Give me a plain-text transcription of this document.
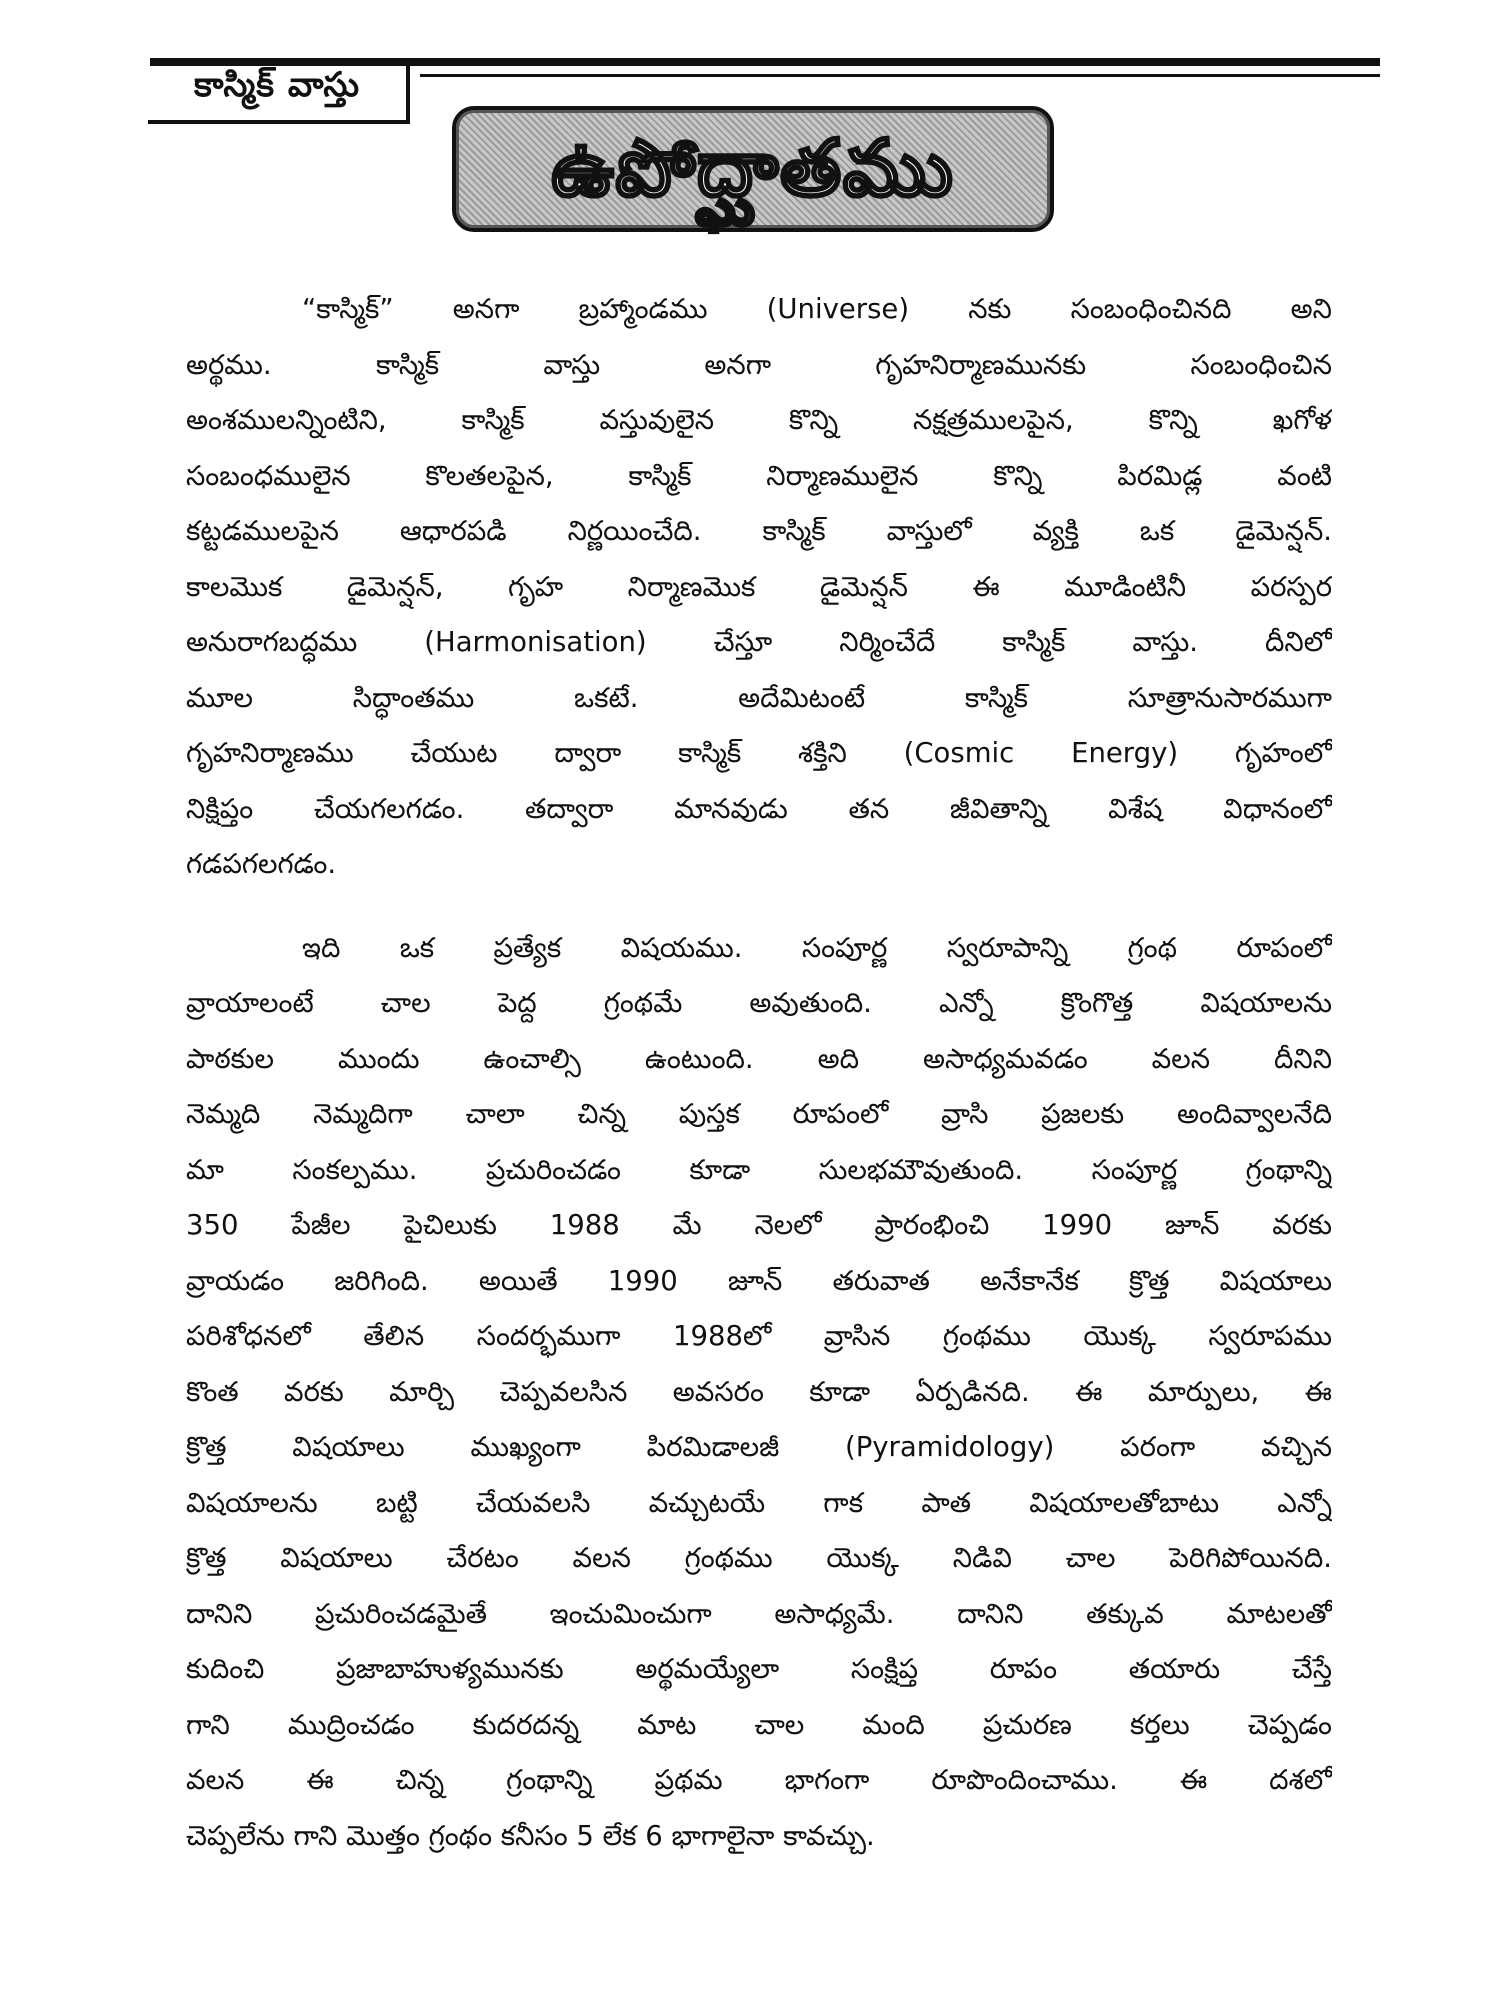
కాస్మిక్ వాస్తు
ఉపోద్ఘాతము
“కాస్మిక్” అనగా బ్రహ్మాండము (Universe) నకు సంబంధించినది అని
అర్థము. కాస్మిక్ వాస్తు అనగా గృహనిర్మాణమునకు సంబంధించిన
అంశములన్నింటిని, కాస్మిక్ వస్తువులైన కొన్ని నక్షత్రములపైన, కొన్ని ఖగోళ
సంబంధములైన కొలతలపైన, కాస్మిక్ నిర్మాణములైన కొన్ని పిరమిడ్ల వంటి
కట్టడములపైన ఆధారపడి నిర్ణయించేది. కాస్మిక్ వాస్తులో వ్యక్తి ఒక డైమెన్షన్.
కాలమొక డైమెన్షన్, గృహ నిర్మాణమొక డైమెన్షన్ ఈ మూడింటినీ పరస్పర
అనురాగబద్ధము (Harmonisation) చేస్తూ నిర్మించేదే కాస్మిక్ వాస్తు. దీనిలో
మూల సిద్ధాంతము ఒకటే. అదేమిటంటే కాస్మిక్ సూత్రానుసారముగా
గృహనిర్మాణము చేయుట ద్వారా కాస్మిక్ శక్తిని (Cosmic Energy) గృహంలో
నిక్షిప్తం చేయగలగడం. తద్వారా మానవుడు తన జీవితాన్ని విశేష విధానంలో
గడపగలగడం.
ఇది ఒక ప్రత్యేక విషయము. సంపూర్ణ స్వరూపాన్ని గ్రంథ రూపంలో
వ్రాయాలంటే చాల పెద్ద గ్రంథమే అవుతుంది. ఎన్నో క్రొంగొత్త విషయాలను
పాఠకుల ముందు ఉంచాల్సి ఉంటుంది. అది అసాధ్యమవడం వలన దీనిని
నెమ్మది నెమ్మదిగా చాలా చిన్న పుస్తక రూపంలో వ్రాసి ప్రజలకు అందివ్వాలనేది
మా సంకల్పము. ప్రచురించడం కూడా సులభమౌవుతుంది. సంపూర్ణ గ్రంథాన్ని
350 పేజీల పైచిలుకు 1988 మే నెలలో ప్రారంభించి 1990 జూన్ వరకు
వ్రాయడం జరిగింది. అయితే 1990 జూన్ తరువాత అనేకానేక క్రొత్త విషయాలు
పరిశోధనలో తేలిన సందర్భముగా 1988లో వ్రాసిన గ్రంథము యొక్క స్వరూపము
కొంత వరకు మార్చి చెప్పవలసిన అవసరం కూడా ఏర్పడినది. ఈ మార్పులు, ఈ
క్రొత్త విషయాలు ముఖ్యంగా పిరమిడాలజీ (Pyramidology) పరంగా వచ్చిన
విషయాలను బట్టి చేయవలసి వచ్చుటయే గాక పాత విషయాలతోబాటు ఎన్నో
క్రొత్త విషయాలు చేరటం వలన గ్రంథము యొక్క నిడివి చాల పెరిగిపోయినది.
దానిని ప్రచురించడమైతే ఇంచుమించుగా అసాధ్యమే. దానిని తక్కువ మాటలతో
కుదించి ప్రజాబాహుళ్యమునకు అర్థమయ్యేలా సంక్షిప్త రూపం తయారు చేస్తే
గాని ముద్రించడం కుదరదన్న మాట చాల మంది ప్రచురణ కర్తలు చెప్పడం
వలన ఈ చిన్న గ్రంథాన్ని ప్రథమ భాగంగా రూపొందించాము. ఈ దశలో
చెప్పలేను గాని మొత్తం గ్రంథం కనీసం 5 లేక 6 భాగాలైనా కావచ్చు.
